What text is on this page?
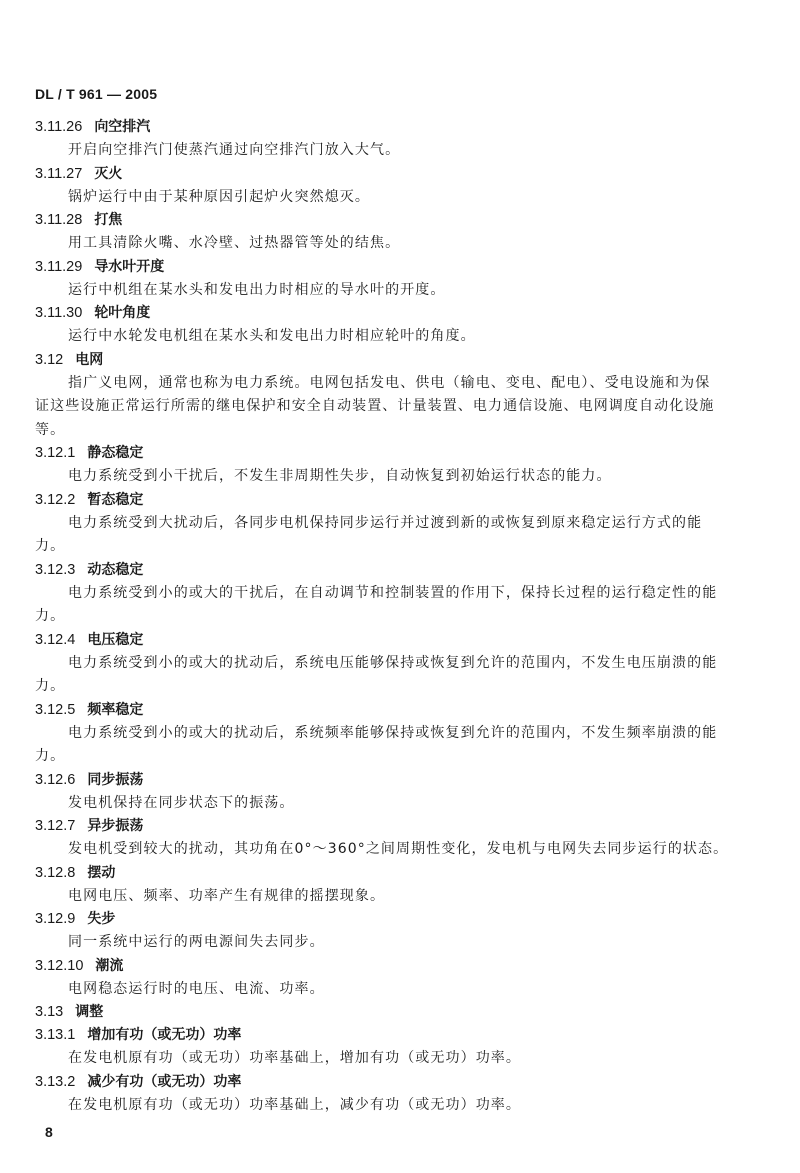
DL / T 961 — 2005
3.11.26 向空排汽
开启向空排汽门使蒸汽通过向空排汽门放入大气。
3.11.27 灭火
锅炉运行中由于某种原因引起炉火突然熄灭。
3.11.28 打焦
用工具清除火嘴、水冷壁、过热器管等处的结焦。
3.11.29 导水叶开度
运行中机组在某水头和发电出力时相应的导水叶的开度。
3.11.30 轮叶角度
运行中水轮发电机组在某水头和发电出力时相应轮叶的角度。
3.12 电网
指广义电网，通常也称为电力系统。电网包括发电、供电（输电、变电、配电）、受电设施和为保
证这些设施正常运行所需的继电保护和安全自动装置、计量装置、电力通信设施、电网调度自动化设施
等。
3.12.1 静态稳定
电力系统受到小干扰后，不发生非周期性失步，自动恢复到初始运行状态的能力。
3.12.2 暂态稳定
电力系统受到大扰动后，各同步电机保持同步运行并过渡到新的或恢复到原来稳定运行方式的能
力。
3.12.3 动态稳定
电力系统受到小的或大的干扰后，在自动调节和控制装置的作用下，保持长过程的运行稳定性的能
力。
3.12.4 电压稳定
电力系统受到小的或大的扰动后，系统电压能够保持或恢复到允许的范围内，不发生电压崩溃的能
力。
3.12.5 频率稳定
电力系统受到小的或大的扰动后，系统频率能够保持或恢复到允许的范围内，不发生频率崩溃的能
力。
3.12.6 同步振荡
发电机保持在同步状态下的振荡。
3.12.7 异步振荡
发电机受到较大的扰动，其功角在0°～360°之间周期性变化，发电机与电网失去同步运行的状态。
3.12.8 摆动
电网电压、频率、功率产生有规律的摇摆现象。
3.12.9 失步
同一系统中运行的两电源间失去同步。
3.12.10 潮流
电网稳态运行时的电压、电流、功率。
3.13 调整
3.13.1 增加有功（或无功）功率
在发电机原有功（或无功）功率基础上，增加有功（或无功）功率。
3.13.2 减少有功（或无功）功率
在发电机原有功（或无功）功率基础上，减少有功（或无功）功率。
8
